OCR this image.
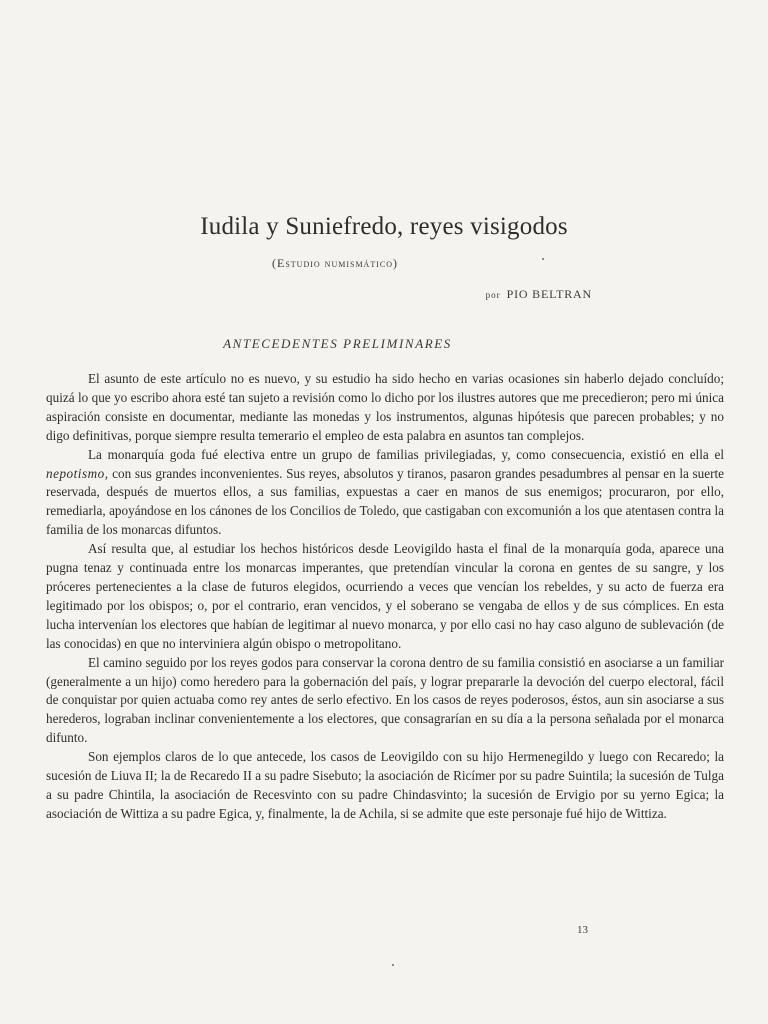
Iudila y Suniefredo, reyes visigodos
(Estudio numismático)
por PIO BELTRAN
ANTECEDENTES PRELIMINARES

El asunto de este artículo no es nuevo, y su estudio ha sido hecho en varias ocasiones sin haberlo dejado concluído; quizá lo que yo escribo ahora esté tan sujeto a revisión como lo dicho por los ilustres autores que me precedieron; pero mi única aspiración consiste en documentar, mediante las monedas y los instrumentos, algunas hipótesis que parecen probables; y no digo definitivas, porque siempre resulta temerario el empleo de esta palabra en asuntos tan complejos.

La monarquía goda fué electiva entre un grupo de familias privilegiadas, y, como consecuencia, existió en ella el nepotismo, con sus grandes inconvenientes. Sus reyes, absolutos y tiranos, pasaron grandes pesadumbres al pensar en la suerte reservada, después de muertos ellos, a sus familias, expuestas a caer en manos de sus enemigos; procuraron, por ello, remediarla, apoyándose en los cánones de los Concilios de Toledo, que castigaban con excomunión a los que atentasen contra la familia de los monarcas difuntos.

Así resulta que, al estudiar los hechos históricos desde Leovigildo hasta el final de la monarquía goda, aparece una pugna tenaz y continuada entre los monarcas imperantes, que pretendían vincular la corona en gentes de su sangre, y los próceres pertenecientes a la clase de futuros elegidos, ocurriendo a veces que vencían los rebeldes, y su acto de fuerza era legitimado por los obispos; o, por el contrario, eran vencidos, y el soberano se vengaba de ellos y de sus cómplices. En esta lucha intervenían los electores que habían de legitimar al nuevo monarca, y por ello casi no hay caso alguno de sublevación (de las conocidas) en que no interviniera algún obispo o metropolitano.

El camino seguido por los reyes godos para conservar la corona dentro de su familia consistió en asociarse a un familiar (generalmente a un hijo) como heredero para la gobernación del país, y lograr prepararle la devoción del cuerpo electoral, fácil de conquistar por quien actuaba como rey antes de serlo efectivo. En los casos de reyes poderosos, éstos, aun sin asociarse a sus herederos, lograban inclinar convenientemente a los electores, que consagrarían en su día a la persona señalada por el monarca difunto.

Son ejemplos claros de lo que antecede, los casos de Leovigildo con su hijo Hermenegildo y luego con Recaredo; la sucesión de Liuva II; la de Recaredo II a su padre Sisebuto; la asociación de Ricímer por su padre Suintila; la sucesión de Tulga a su padre Chintila, la asociación de Recesvinto con su padre Chindasvinto; la sucesión de Ervigio por su yerno Egica; la asociación de Wittiza a su padre Egica, y, finalmente, la de Achila, si se admite que este personaje fué hijo de Wittiza.

13
